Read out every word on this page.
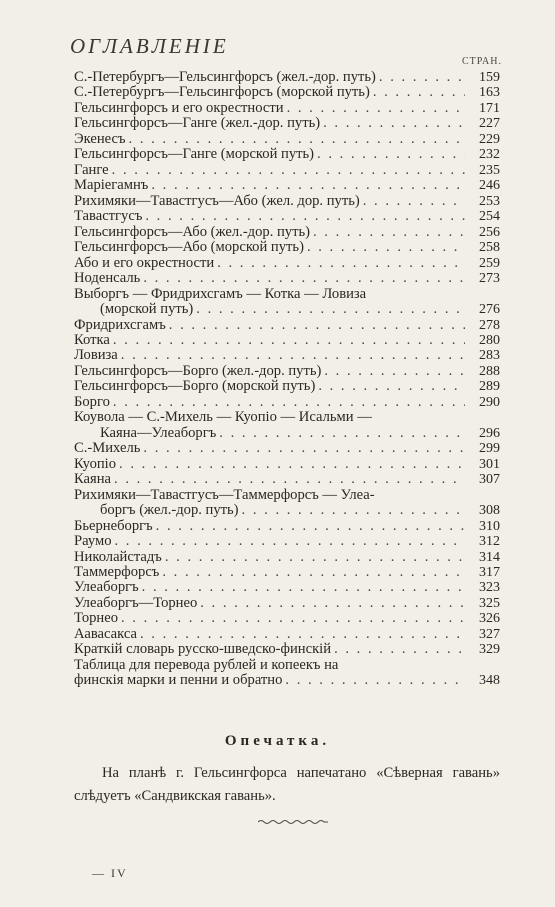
ОГЛАВЛЕНIЕ
СТРАН.
С.-Петербургъ—Гельсингфорсъ (жел.-дор. путь) . . .	159
С.-Петербургъ—Гельсингфорсъ (морской путь) . . .	163
Гельсингфорсъ и его окрестности . . .	171
Гельсингфорсъ—Ганге (жел.-дор. путь) . . .	227
Экенесъ . . .	229
Гельсингфорсъ—Ганге (морской путь) . . .	232
Ганге . . .	235
Марiегамнъ . . .	246
Рихимяки—Тавастгусъ—Або (жел. дор. путь) . . .	253
Тавастгусъ . . .	254
Гельсингфорсъ—Або (жел.-дор. путь) . . .	256
Гельсингфорсъ—Або (морской путь) . . .	258
Або и его окрестности . . .	259
Ноденсаль . . .	273
Выборгъ — Фридрихсгамъ — Котка — Ловиза
(морской путь) . . .	276
Фридрихсгамъ . . .	278
Котка . . .	280
Ловиза . . .	283
Гельсингфорсъ—Борго (жел.-дор. путь) . . .	288
Гельсингфорсъ—Борго (морской путь) . . .	289
Борго . . .	290
Коувола — С.-Михель — Куопiо — Исальми —
Каяна—Улеаборгъ . . .	296
С.-Михель . . .	299
Куопiо . . .	301
Каяна . . .	307
Рихимяки—Тавастгусъ—Таммерфорсъ — Улеа-
боргъ (жел.-дор. путь) . . .	308
Бьернеборгъ . . .	310
Раумо . . .	312
Николайстадъ . . .	314
Таммерфорсъ . . .	317
Улеаборгъ . . .	323
Улеаборгъ—Торнео . . .	325
Торнео . . .	326
Аавасакса . . .	327
Краткiй словарь русско-шведско-финскiй . . .	329
Таблица для перевода рублей и копеекъ на
финскiя марки и пенни и обратно . . .	348
Опечатка.
На планѣ г. Гельсингфорса напечатано «Сѣверная гавань» слѣдуетъ «Сандвикская гавань».
— IV
